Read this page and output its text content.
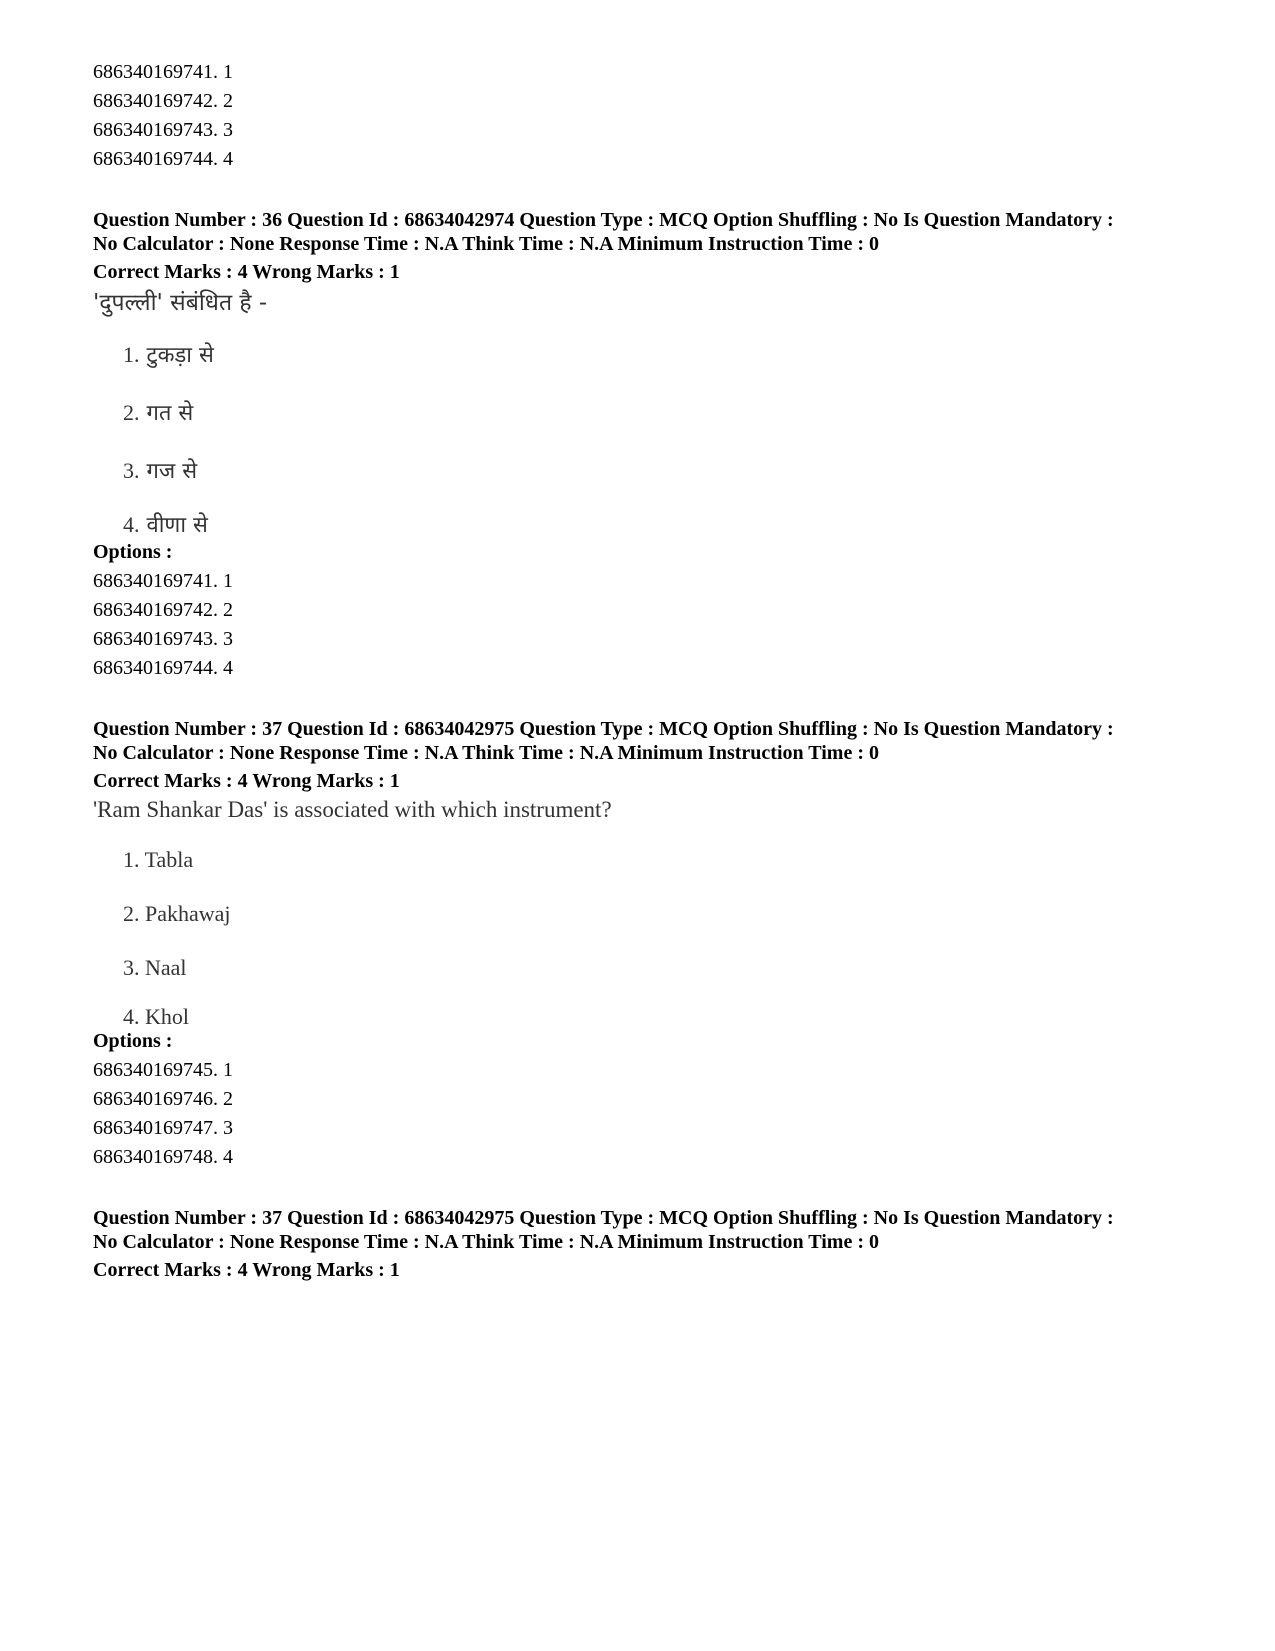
686340169741. 1
686340169742. 2
686340169743. 3
686340169744. 4
Question Number : 36 Question Id : 68634042974 Question Type : MCQ Option Shuffling : No Is Question Mandatory :
No Calculator : None Response Time : N.A Think Time : N.A Minimum Instruction Time : 0
Correct Marks : 4 Wrong Marks : 1
'दुपल्ली' संबंधित है -
1. टुकड़ा से
2. गत से
3. गज से
4. वीणा से
Options :
686340169741. 1
686340169742. 2
686340169743. 3
686340169744. 4
Question Number : 37 Question Id : 68634042975 Question Type : MCQ Option Shuffling : No Is Question Mandatory :
No Calculator : None Response Time : N.A Think Time : N.A Minimum Instruction Time : 0
Correct Marks : 4 Wrong Marks : 1
'Ram Shankar Das' is associated with which instrument?
1. Tabla
2. Pakhawaj
3. Naal
4. Khol
Options :
686340169745. 1
686340169746. 2
686340169747. 3
686340169748. 4
Question Number : 37 Question Id : 68634042975 Question Type : MCQ Option Shuffling : No Is Question Mandatory :
No Calculator : None Response Time : N.A Think Time : N.A Minimum Instruction Time : 0
Correct Marks : 4 Wrong Marks : 1
